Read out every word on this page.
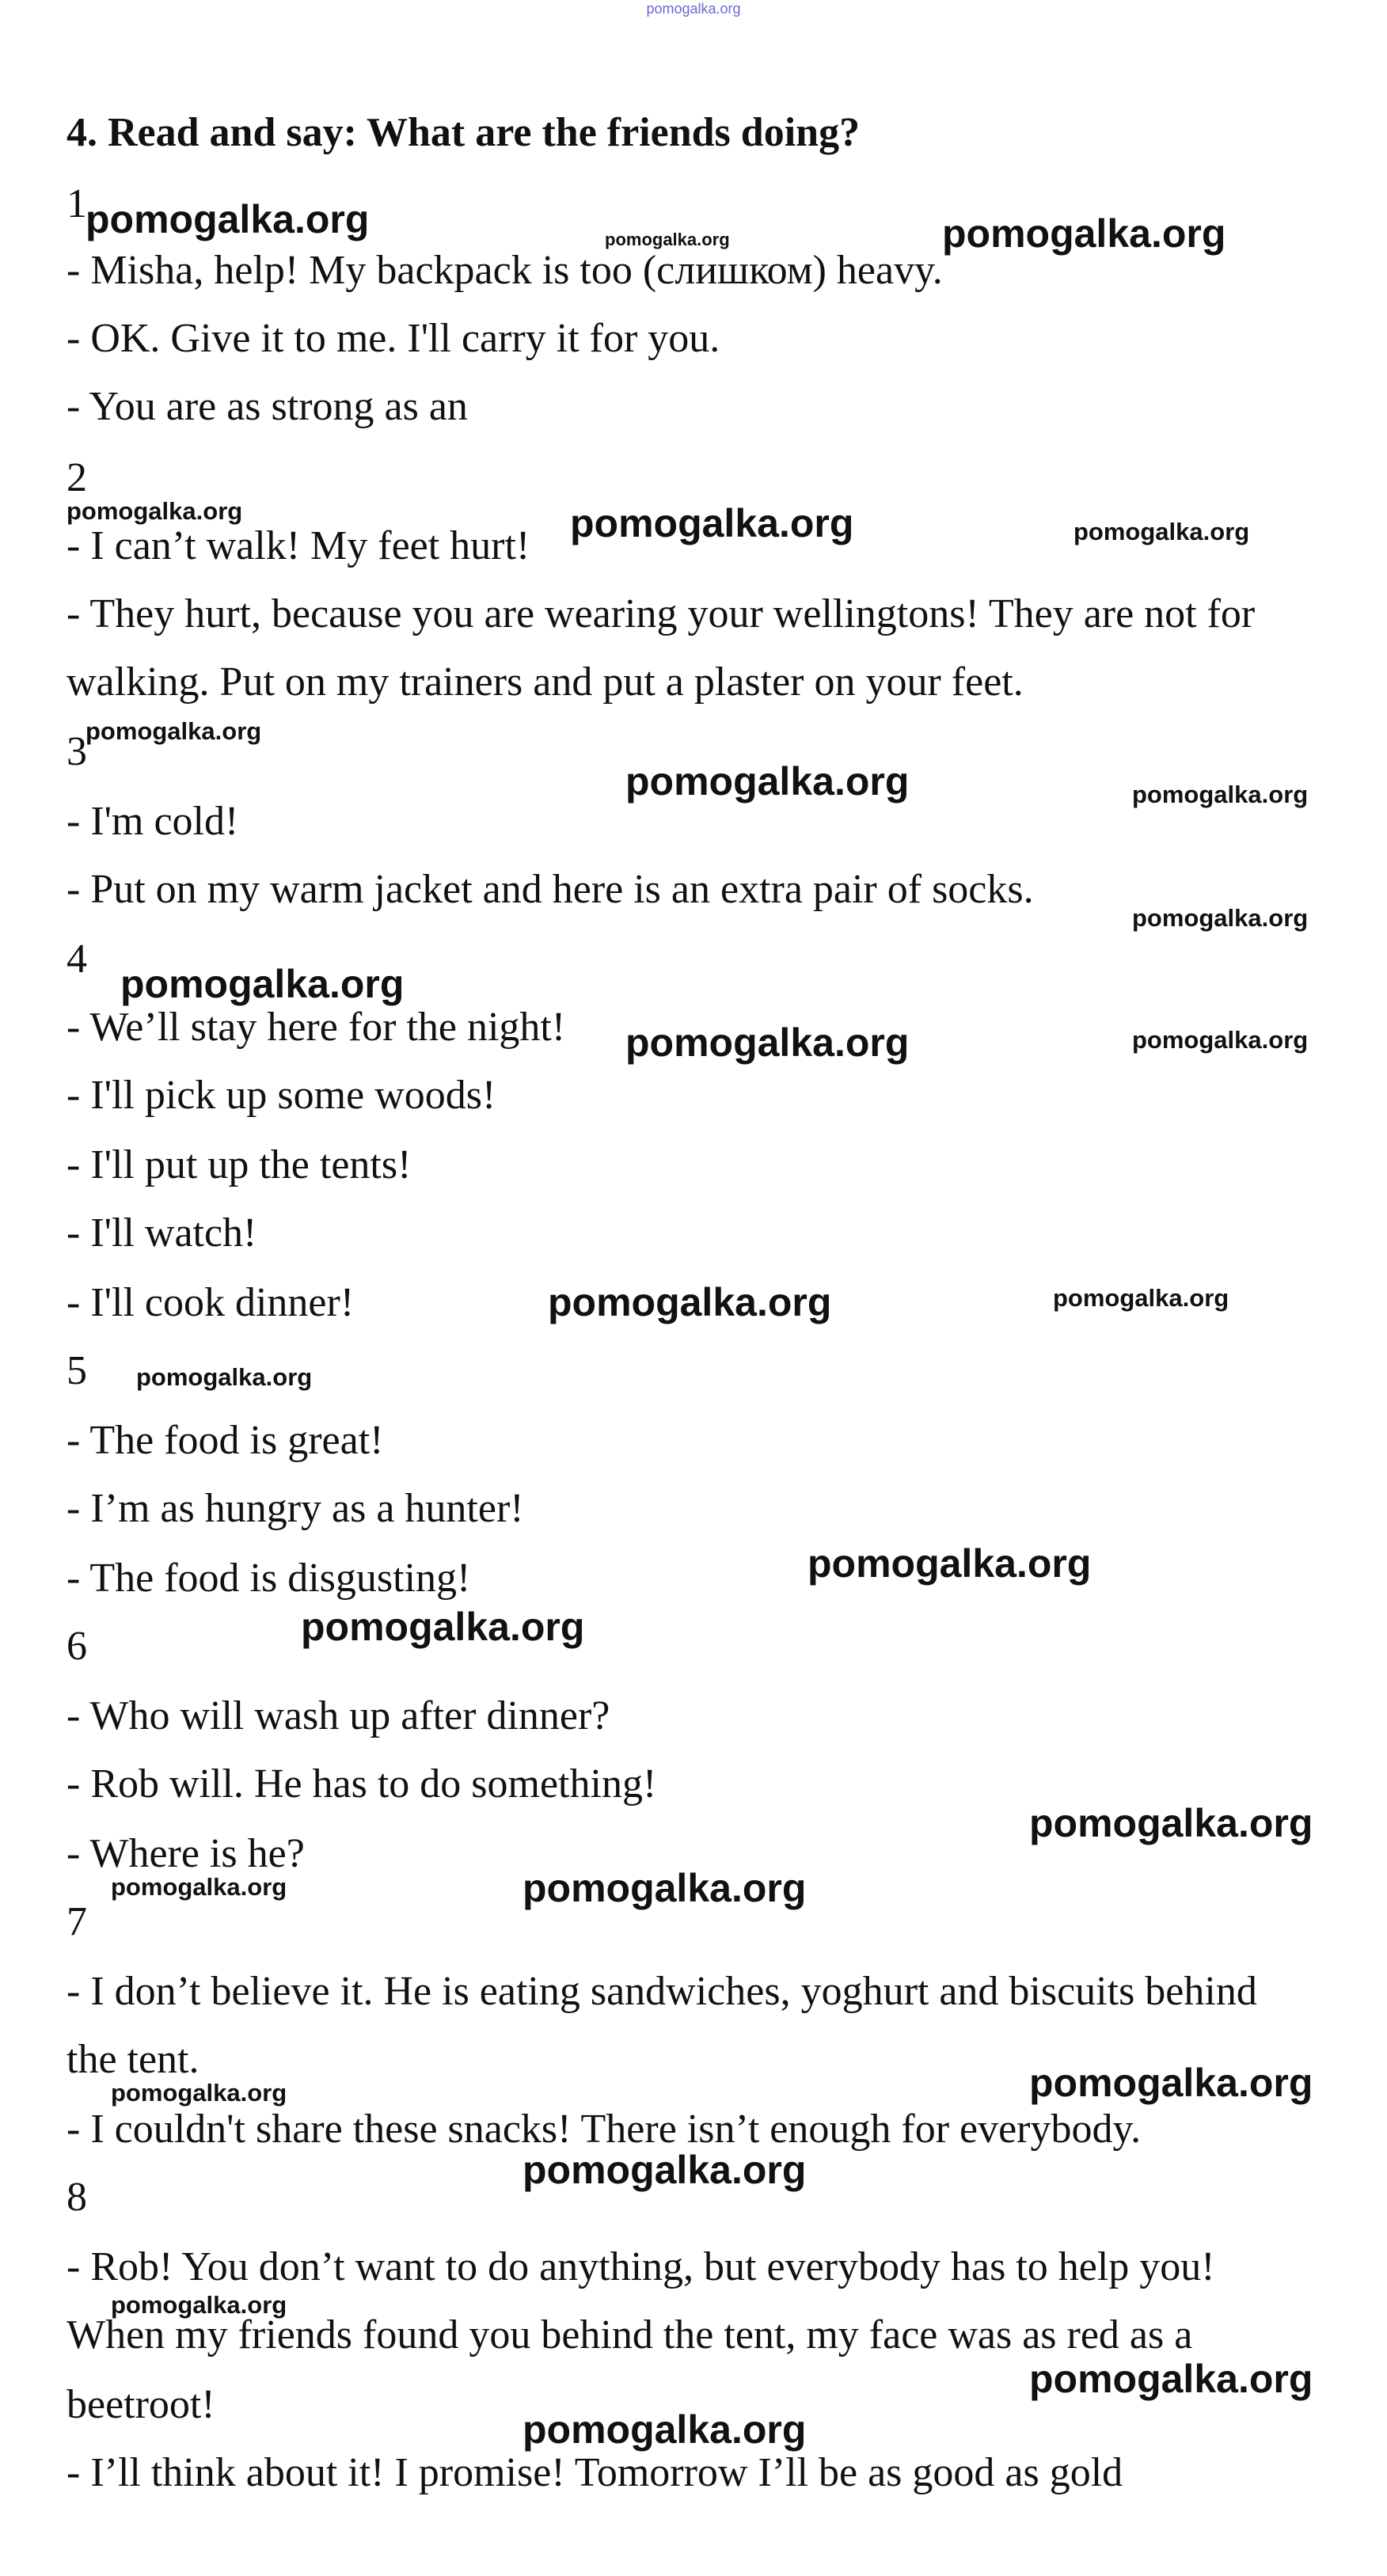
pomogalka.org
4. Read and say: What are the friends doing?
1
- Misha, help! My backpack is too (слишком) heavy.
- OK. Give it to me. I'll carry it for you.
- You are as strong as an
2
- I can’t walk! My feet hurt!
- They hurt, because you are wearing your wellingtons! They are not for
walking. Put on my trainers and put a plaster on your feet.
3
- I'm cold!
- Put on my warm jacket and here is an extra pair of socks.
4
- We’ll stay here for the night!
- I'll pick up some woods!
- I'll put up the tents!
- I'll watch!
- I'll cook dinner!
5
- The food is great!
- I’m as hungry as a hunter!
- The food is disgusting!
6
- Who will wash up after dinner?
- Rob will. He has to do something!
- Where is he?
7
- I don’t believe it. He is eating sandwiches, yoghurt and biscuits behind
the tent.
- I couldn't share these snacks! There isn’t enough for everybody.
8
- Rob! You don’t want to do anything, but everybody has to help you!
When my friends found you behind the tent, my face was as red as a
beetroot!
- I’ll think about it! I promise! Tomorrow I’ll be as good as gold
pomogalka.org	pomogalka.org	pomogalka.org
pomogalka.org	pomogalka.org	pomogalka.org
pomogalka.org
pomogalka.org	pomogalka.org
pomogalka.org
pomogalka.org
pomogalka.org	pomogalka.org
pomogalka.org	pomogalka.org
pomogalka.org
pomogalka.org
pomogalka.org
pomogalka.org
pomogalka.org	pomogalka.org
pomogalka.org	pomogalka.org
pomogalka.org
pomogalka.org
pomogalka.org
pomogalka.org
